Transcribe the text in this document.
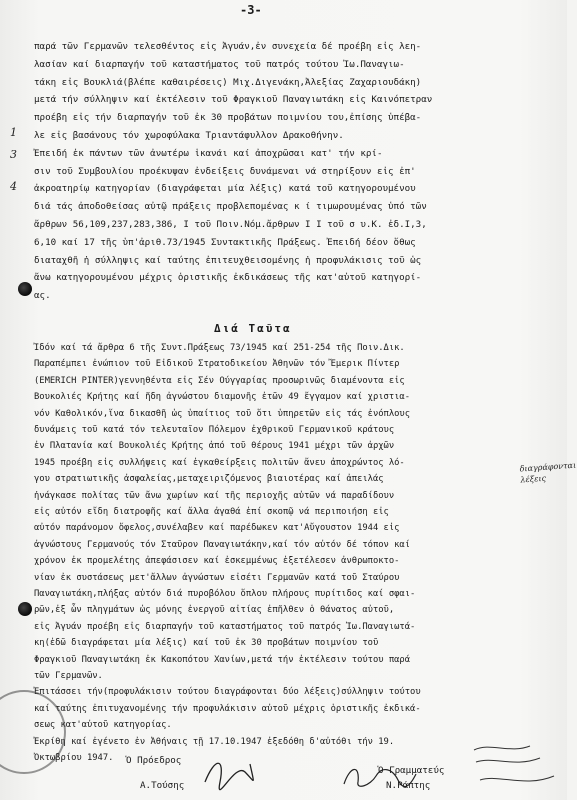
-3-
παρά τῶν Γερμανῶν τελεσθέντος εἰς Ἀγυάν,ἐν συνεχεία δέ προέβη εἰς λεη-
λασίαν καί διαρπαγήν τοῦ καταστήματος τοῦ πατρός τούτου Ἰω.Παναγιω-
τάκη εἰς Βουκλιά(βλέπε καθαιρέσεις) Μιχ.Διγενάκη,Ἀλεξίας Ζαχαριουδάκη)
μετά τήν σύλληψιν καί ἐκτέλεσιν τοῦ Φραγκιοῦ Παναγιωτάκη εἰς Καινόπετραν
προέβη εἰς τήν διαρπαγήν τοῦ ἐκ 30 προβάτων ποιμνίου του,ἐπίσης ὑπέβα-
λε εἰς βασάνους τόν χωροφύλακα Τριαντάφυλλον Δρακοθήνην.
Ἐπειδή ἐκ πάντων τῶν ἀνωτέρω ἱκανάι καί ἀποχρῶσαι κατ' τήν κρί-
σιν τοῦ Συμβουλίου προέκυψαν ἐνδείξεις δυνάμεναι νά στηρίξουν εἰς ἐπ'
ἀκροατηρίῳ κατηγορίαν (διαγράφεται μία λέξις) κατά τοῦ κατηγορουμένου
διά τάς ἀποδοθείσας αὐτῷ πράξεις προβλεπομένας κ ί τιμωρουμένας ὑπό τῶν
ἄρθρων 56,109,237,283,386, Ι τοῦ Ποιν.Νόμ.ἄρθρων Ι Ι τοῦ σ υ.Κ. ἐδ.Ι,3,
6,10 καί 17 τῆς ὑπ'ἀριθ.73/1945 Συντακτικῆς Πράξεως. Ἐπειδή δέον ὅθως
διαταχθῆ ἡ σύλληψις καί ταύτης ἐπιτευχθεισομένης ἡ προφυλάκισις τοῦ ὡς
ἄνω κατηγορουμένου μέχρις ὁριστικῆς ἐκδικάσεως τῆς κατ'αὐτοῦ κατηγορί-
ας.
Διά Ταῦτα
Ἰδόν καί τά ἄρθρα 6 τῆς Συντ.Πράξεως 73/1945 καί 251-254 τῆς Ποιν.Δικ.
Παραπέμπει ἐνώπιον τοῦ Εἰδικοῦ Στρατοδικείου Ἀθηνῶν τόν Ἔμερικ Πίντερ
(EMERICH PINTER)γεννηθέντα εἰς Σέν Ούγγαρίας προσωρινῶς διαμένοντα εἰς
Βουκολιές Κρήτης καί ἤδη ἀγνώστου διαμονῆς ἐτῶν 49 ἔγγαμον καί χριστια-
νόν Καθολικόν,ἵνα δικασθῆ ὡς ὑπαίτιος τοῦ ὅτι ὑπηρετῶν εἰς τάς ἐνόπλους
δυνάμεις τοῦ κατά τόν τελευταῖον Πόλεμον ἐχθρικοῦ Γερμανικοῦ κράτους
ἐν Πλατανία καί Βουκολιές Κρήτης ἀπό τοῦ θέρους 1941 μέχρι τῶν ἀρχῶν
1945 προέβη εἰς συλλήψεις καί ἐγκαθείρξεις πολιτῶν ἄνευ ἀποχρώντος λό-
γου στρατιωτικῆς ἀσφαλείας,μεταχειριζόμενος βιαιοτέρας καί ἀπειλάς
ἠνάγκασε πολίτας τῶν ἄνω χωρίων καί τῆς περιοχῆς αὐτῶν νά παραδίδουν
εἰς αὐτόν εἴδη διατροφῆς καί ἄλλα ἀγαθά ἐπί σκοπῷ νά περιποιήση εἰς
αὐτόν παράνομον ὄφελος,συνέλαβεν καί παρέδωκεν κατ'Αὔγουστον 1944 εἰς
ἀγνώστους Γερμανούς τόν Σταῦρον Παναγιωτάκην,καί τόν αὐτόν δέ τόπον καί
χρόνον ἐκ προμελέτης ἀπεφάσισεν καί ἐσκεμμένως ἐξετέλεσεν ἀνθρωποκτο-
νίαν ἐκ συστάσεως μετ'ἄλλων ἀγνώστων εἰσέτι Γερμανῶν κατά τοῦ Σταύρου
Παναγιωτάκη,πλήξας αὐτόν διά πυροβόλου ὅπλου πλήρους πυρίτιδος καί σφαι-
ρῶν,ἐξ ὧν πληγμάτων ὡς μόνης ἐνεργοῦ αἰτίας ἐπῆλθεν ὁ θάνατος αὐτοῦ,
εἰς Ἀγυάν προέβη εἰς διαρπαγήν τοῦ καταστήματος τοῦ πατρός Ἰω.Παναγιωτά-
κη(ἐδῶ διαγράφεται μία λέξις) καί τοῦ ἐκ 30 προβάτων ποιμνίου τοῦ
Φραγκιοῦ Παναγιωτάκη ἐκ Κακοπότου Χανίων,μετά τήν ἐκτέλεσιν τούτου παρά
τῶν Γερμανῶν.
Ἐπιτάσσει τήν(προφυλάκισιν τούτου διαγράφονται δύο λέξεις)σύλληψιν τούτου
καί ταύτης ἐπιτυχανομένης τήν προφυλάκισιν αὐτοῦ μέχρις ὁριστικῆς ἐκδικά-
σεως κατ'αὐτοῦ κατηγορίας.
Ἐκρίθη καί ἐγένετο ἐν Ἀθήναις τῇ 17.10.1947 ἐξεδόθη δ'αὐτόθι τήν 19.
Ὀκτωβρίου 1947.
1
3
4
διαγράφονται λέξεις
Ὁ Πρόεδρος
Α.Τούσης
Ὁ Γραμματεύς
Ν.Ράπτης
